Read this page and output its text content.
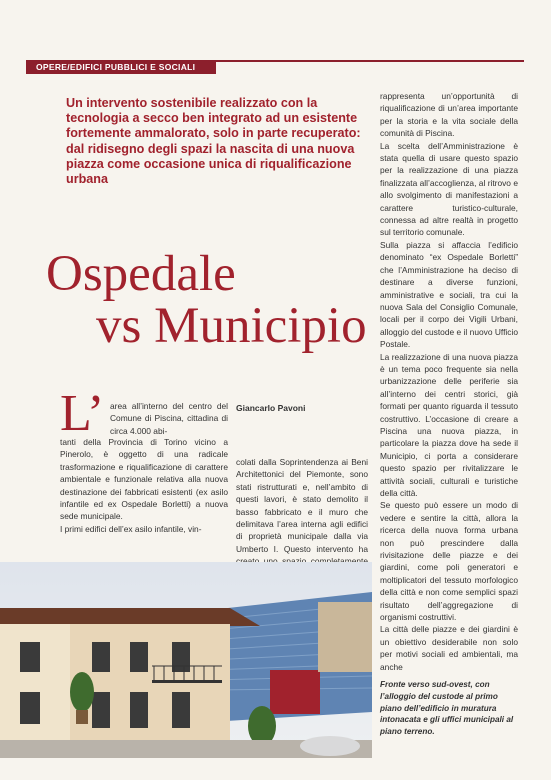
OPERE/EDIFICI PUBBLICI E SOCIALI

Un intervento sostenibile realizzato con la tecnologia a secco ben integrato ad un esistente fortemente ammalorato, solo in parte recuperato: dal ridisegno degli spazi la nascita di una nuova piazza come occasione unica di riqualificazione urbana

Ospedale
vs Municipio
L’ area all’interno del centro del Comune di Piscina, cittadina di circa 4.000 abi-

tanti della Provincia di Torino vicino a Pinerolo, è oggetto di una radicale trasformazione e riqualificazione di carattere ambientale e funzionale relativa alla nuova destinazione dei fabbricati esistenti (ex asilo infantile ed ex Ospedale Borletti) a nuova sede municipale.

I primi edifici dell’ex asilo infantile, vin-

Giancarlo Pavoni

colati dalla Soprintendenza ai Beni Architettonici del Piemonte, sono stati ristrutturati e, nell’ambito di questi lavori, è stato demolito il basso fabbricato e il muro che delimitava l’area interna agli edifici di proprietà municipale dalla via Umberto I. Questo intervento ha

rappresenta un’opportunità di riqualificazione di un’area importante per la storia e la vita sociale della comunità di Piscina.

La scelta dell’Amministrazione è stata quella di usare questo spazio per la realizzazione di una piazza finalizzata all’accoglienza, al ritrovo e allo svolgimento di manifestazioni a carattere turistico-culturale, connessa ad altre realtà in progetto sul territorio comunale.

Sulla piazza si affaccia l’edificio denominato “ex Ospedale Borletti” che l’Amministrazione ha deciso di destinare a diverse funzioni, amministrative e sociali, tra cui la nuova Sala del Consiglio Comunale, locali per il corpo dei Vigili Urbani, alloggio del custode e il nuovo Ufficio Postale.

La realizzazione di una nuova piazza è un tema poco frequente sia nella urbanizzazione delle periferie sia all’interno dei centri storici, già formati per quanto riguarda il tessuto costruttivo. L’occasione di creare a Piscina una nuova piazza, in particolare la piazza dove ha sede il Municipio, ci porta a considerare questo spazio per rivitalizzare le attività sociali, culturali e turistiche della città.

Se questo può essere un modo di vedere e sentire la città, allora la ricerca della nuova forma urbana non può prescindere dalla rivisitazione delle piazze e dei giardini, come poli generatori e moltiplicatori del tessuto morfologico della città e non come semplici spazi risultato dell’aggregazione di organismi costruttivi.

La città delle piazze e dei giardini è un obiettivo desiderabile non solo per motivi sociali ed ambientali, ma anche

Fronte verso sud-ovest, con l’alloggio del custode al primo piano dell’edificio in muratura intonacata e gli uffici municipali al piano terreno.
